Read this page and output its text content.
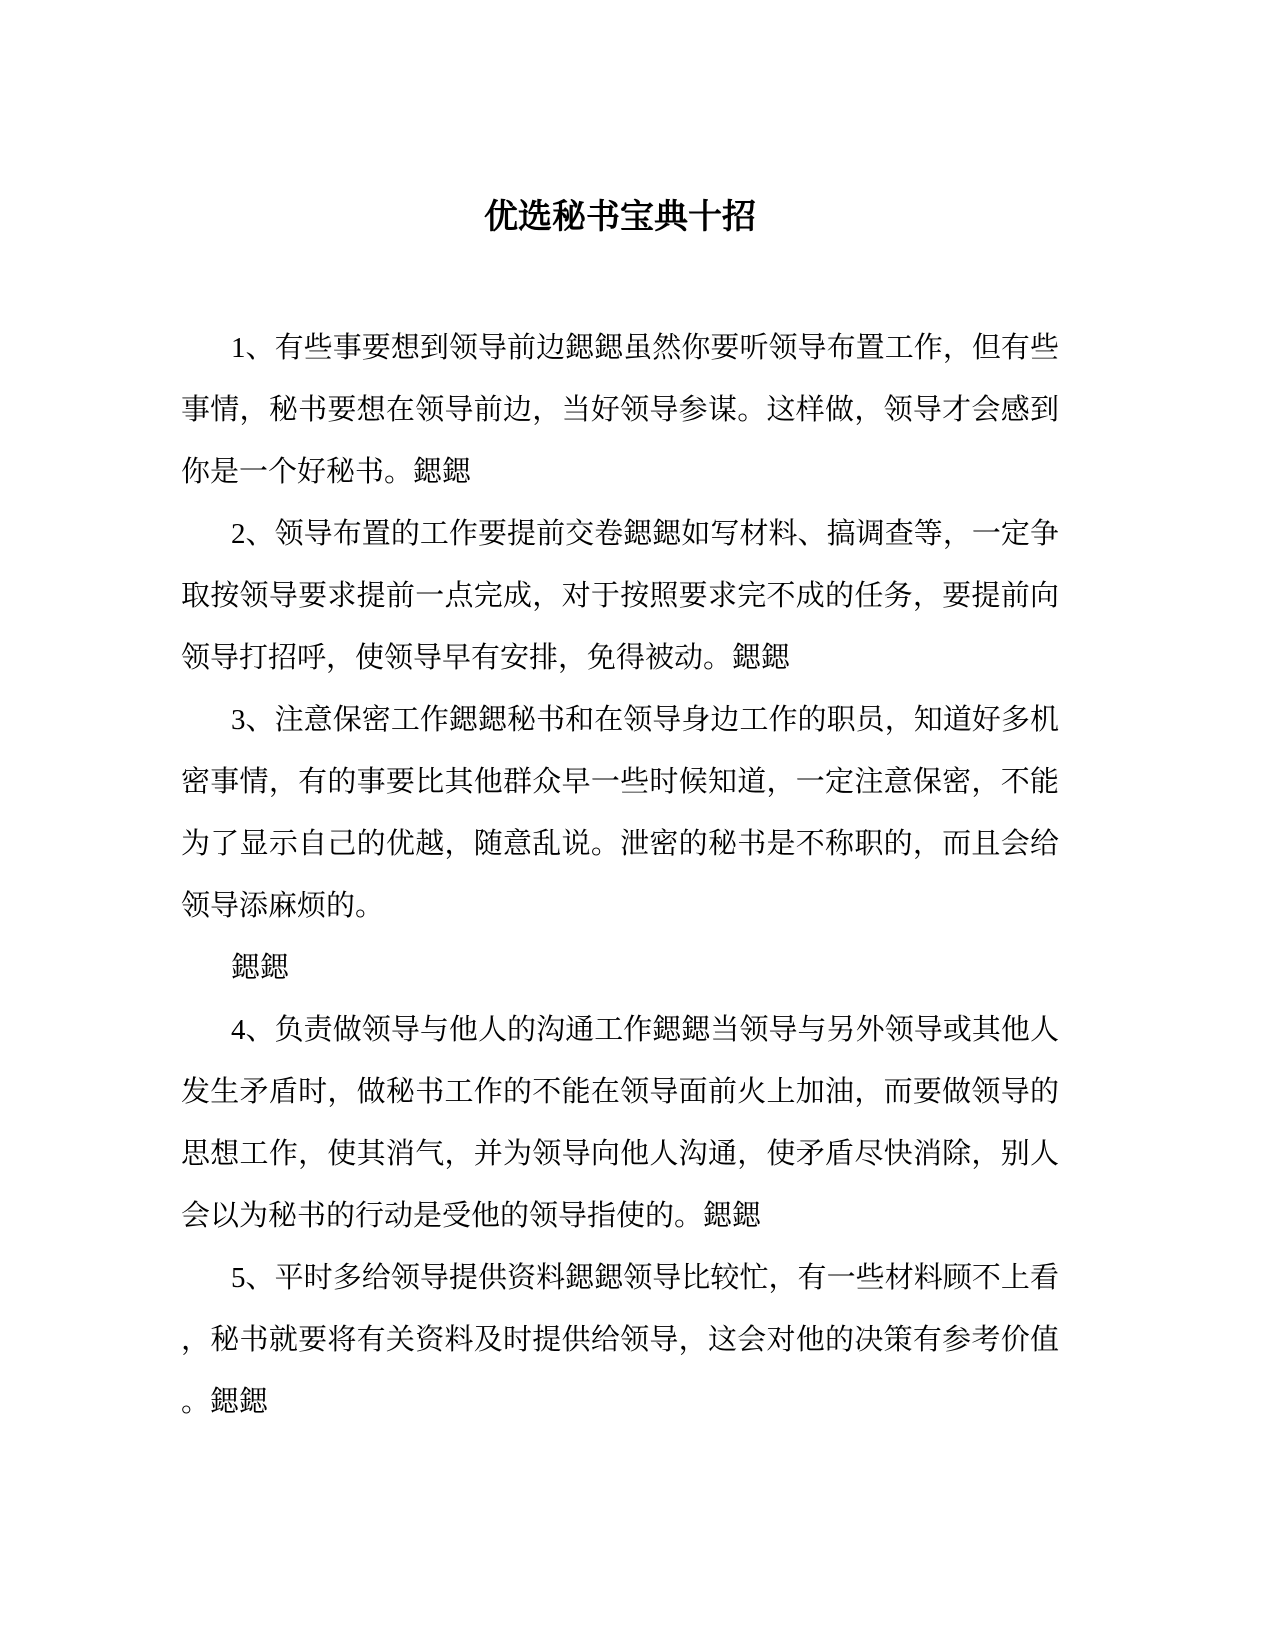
优选秘书宝典十招

1、有些事要想到领导前边鍶鍶虽然你要听领导布置工作，但有些事情，秘书要想在领导前边，当好领导参谋。这样做，领导才会感到你是一个好秘书。鍶鍶

2、领导布置的工作要提前交卷鍶鍶如写材料、搞调查等，一定争取按领导要求提前一点完成，对于按照要求完不成的任务，要提前向领导打招呼，使领导早有安排，免得被动。鍶鍶

3、注意保密工作鍶鍶秘书和在领导身边工作的职员，知道好多机密事情，有的事要比其他群众早一些时候知道，一定注意保密，不能为了显示自己的优越，随意乱说。泄密的秘书是不称职的，而且会给领导添麻烦的。

鍶鍶

4、负责做领导与他人的沟通工作鍶鍶当领导与另外领导或其他人发生矛盾时，做秘书工作的不能在领导面前火上加油，而要做领导的思想工作，使其消气，并为领导向他人沟通，使矛盾尽快消除，别人会以为秘书的行动是受他的领导指使的。鍶鍶

5、平时多给领导提供资料鍶鍶领导比较忙，有一些材料顾不上看，秘书就要将有关资料及时提供给领导，这会对他的决策有参考价值。鍶鍶
